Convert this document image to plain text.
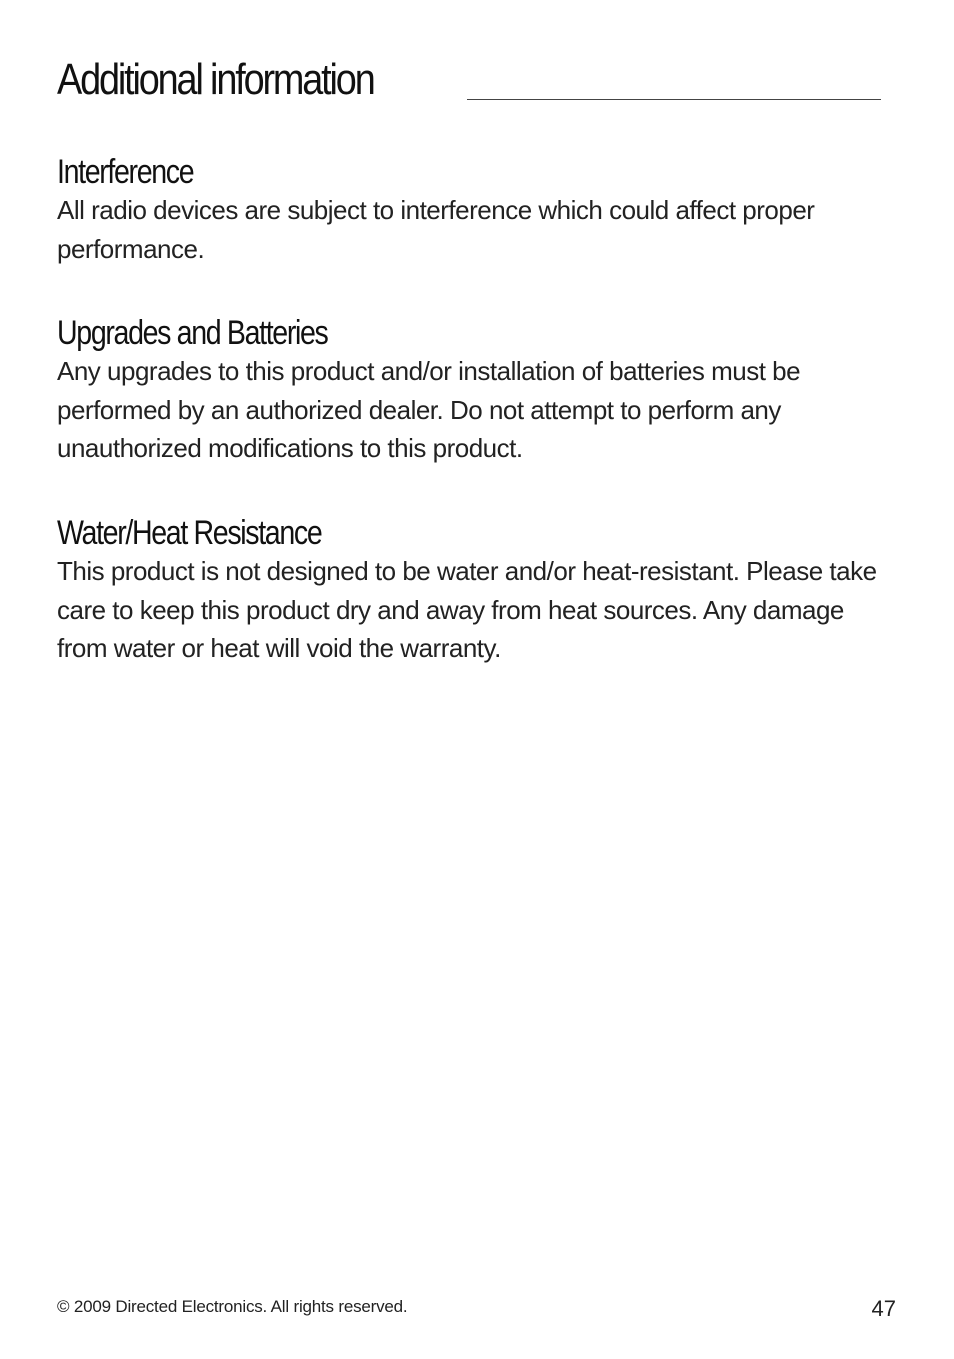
Additional information
Interference

All radio devices are subject to interference which could affect proper performance.

Upgrades and Batteries

Any upgrades to this product and/or installation of batteries must be performed by an authorized dealer. Do not attempt to perform any unauthorized modifications to this product.

Water/Heat Resistance

This product is not designed to be water and/or heat-resistant. Please take care to keep this product dry and away from heat sources. Any damage from water or heat will void the warranty.

© 2009 Directed Electronics. All rights reserved.	47
